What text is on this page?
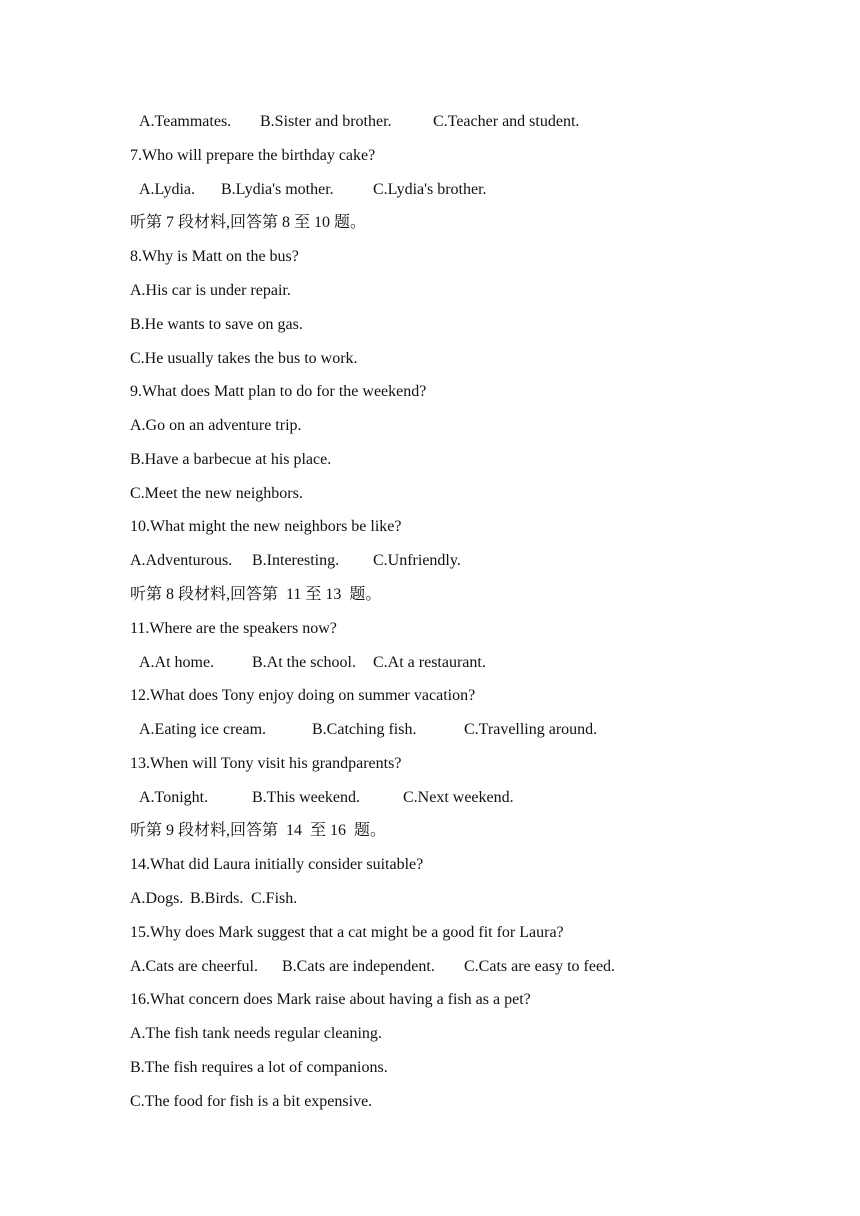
A.Teammates. B.Sister and brother.	C.Teacher and student.
7.Who will prepare the birthday cake?
A.Lydia. B.Lydia's mother. C.Lydia's brother.
听第 7 段材料,回答第 8 至 10 题。
8.Why is Matt on the bus?
A.His car is under repair.
B.He wants to save on gas.
C.He usually takes the bus to work.
9.What does Matt plan to do for the weekend?
A.Go on an adventure trip.
B.Have a barbecue at his place.
C.Meet the new neighbors.
10.What might the new neighbors be like?
A.Adventurous. B.Interesting. C.Unfriendly.
听第 8 段材料,回答第  11 至 13  题。
11.Where are the speakers now?
A.At home. B.At the school. C.At a restaurant.
12.What does Tony enjoy doing on summer vacation?
A.Eating ice cream.	B.Catching fish.	C.Travelling around.
13.When will Tony visit his grandparents?
A.Tonight.	B.This weekend.	C.Next weekend.
听第 9 段材料,回答第  14  至 16  题。
14.What did Laura initially consider suitable?
A.Dogs. B.Birds. C.Fish.
15.Why does Mark suggest that a cat might be a good fit for Laura?
A.Cats are cheerful. B.Cats are independent. C.Cats are easy to feed.
16.What concern does Mark raise about having a fish as a pet?
A.The fish tank needs regular cleaning.
B.The fish requires a lot of companions.
C.The food for fish is a bit expensive.
